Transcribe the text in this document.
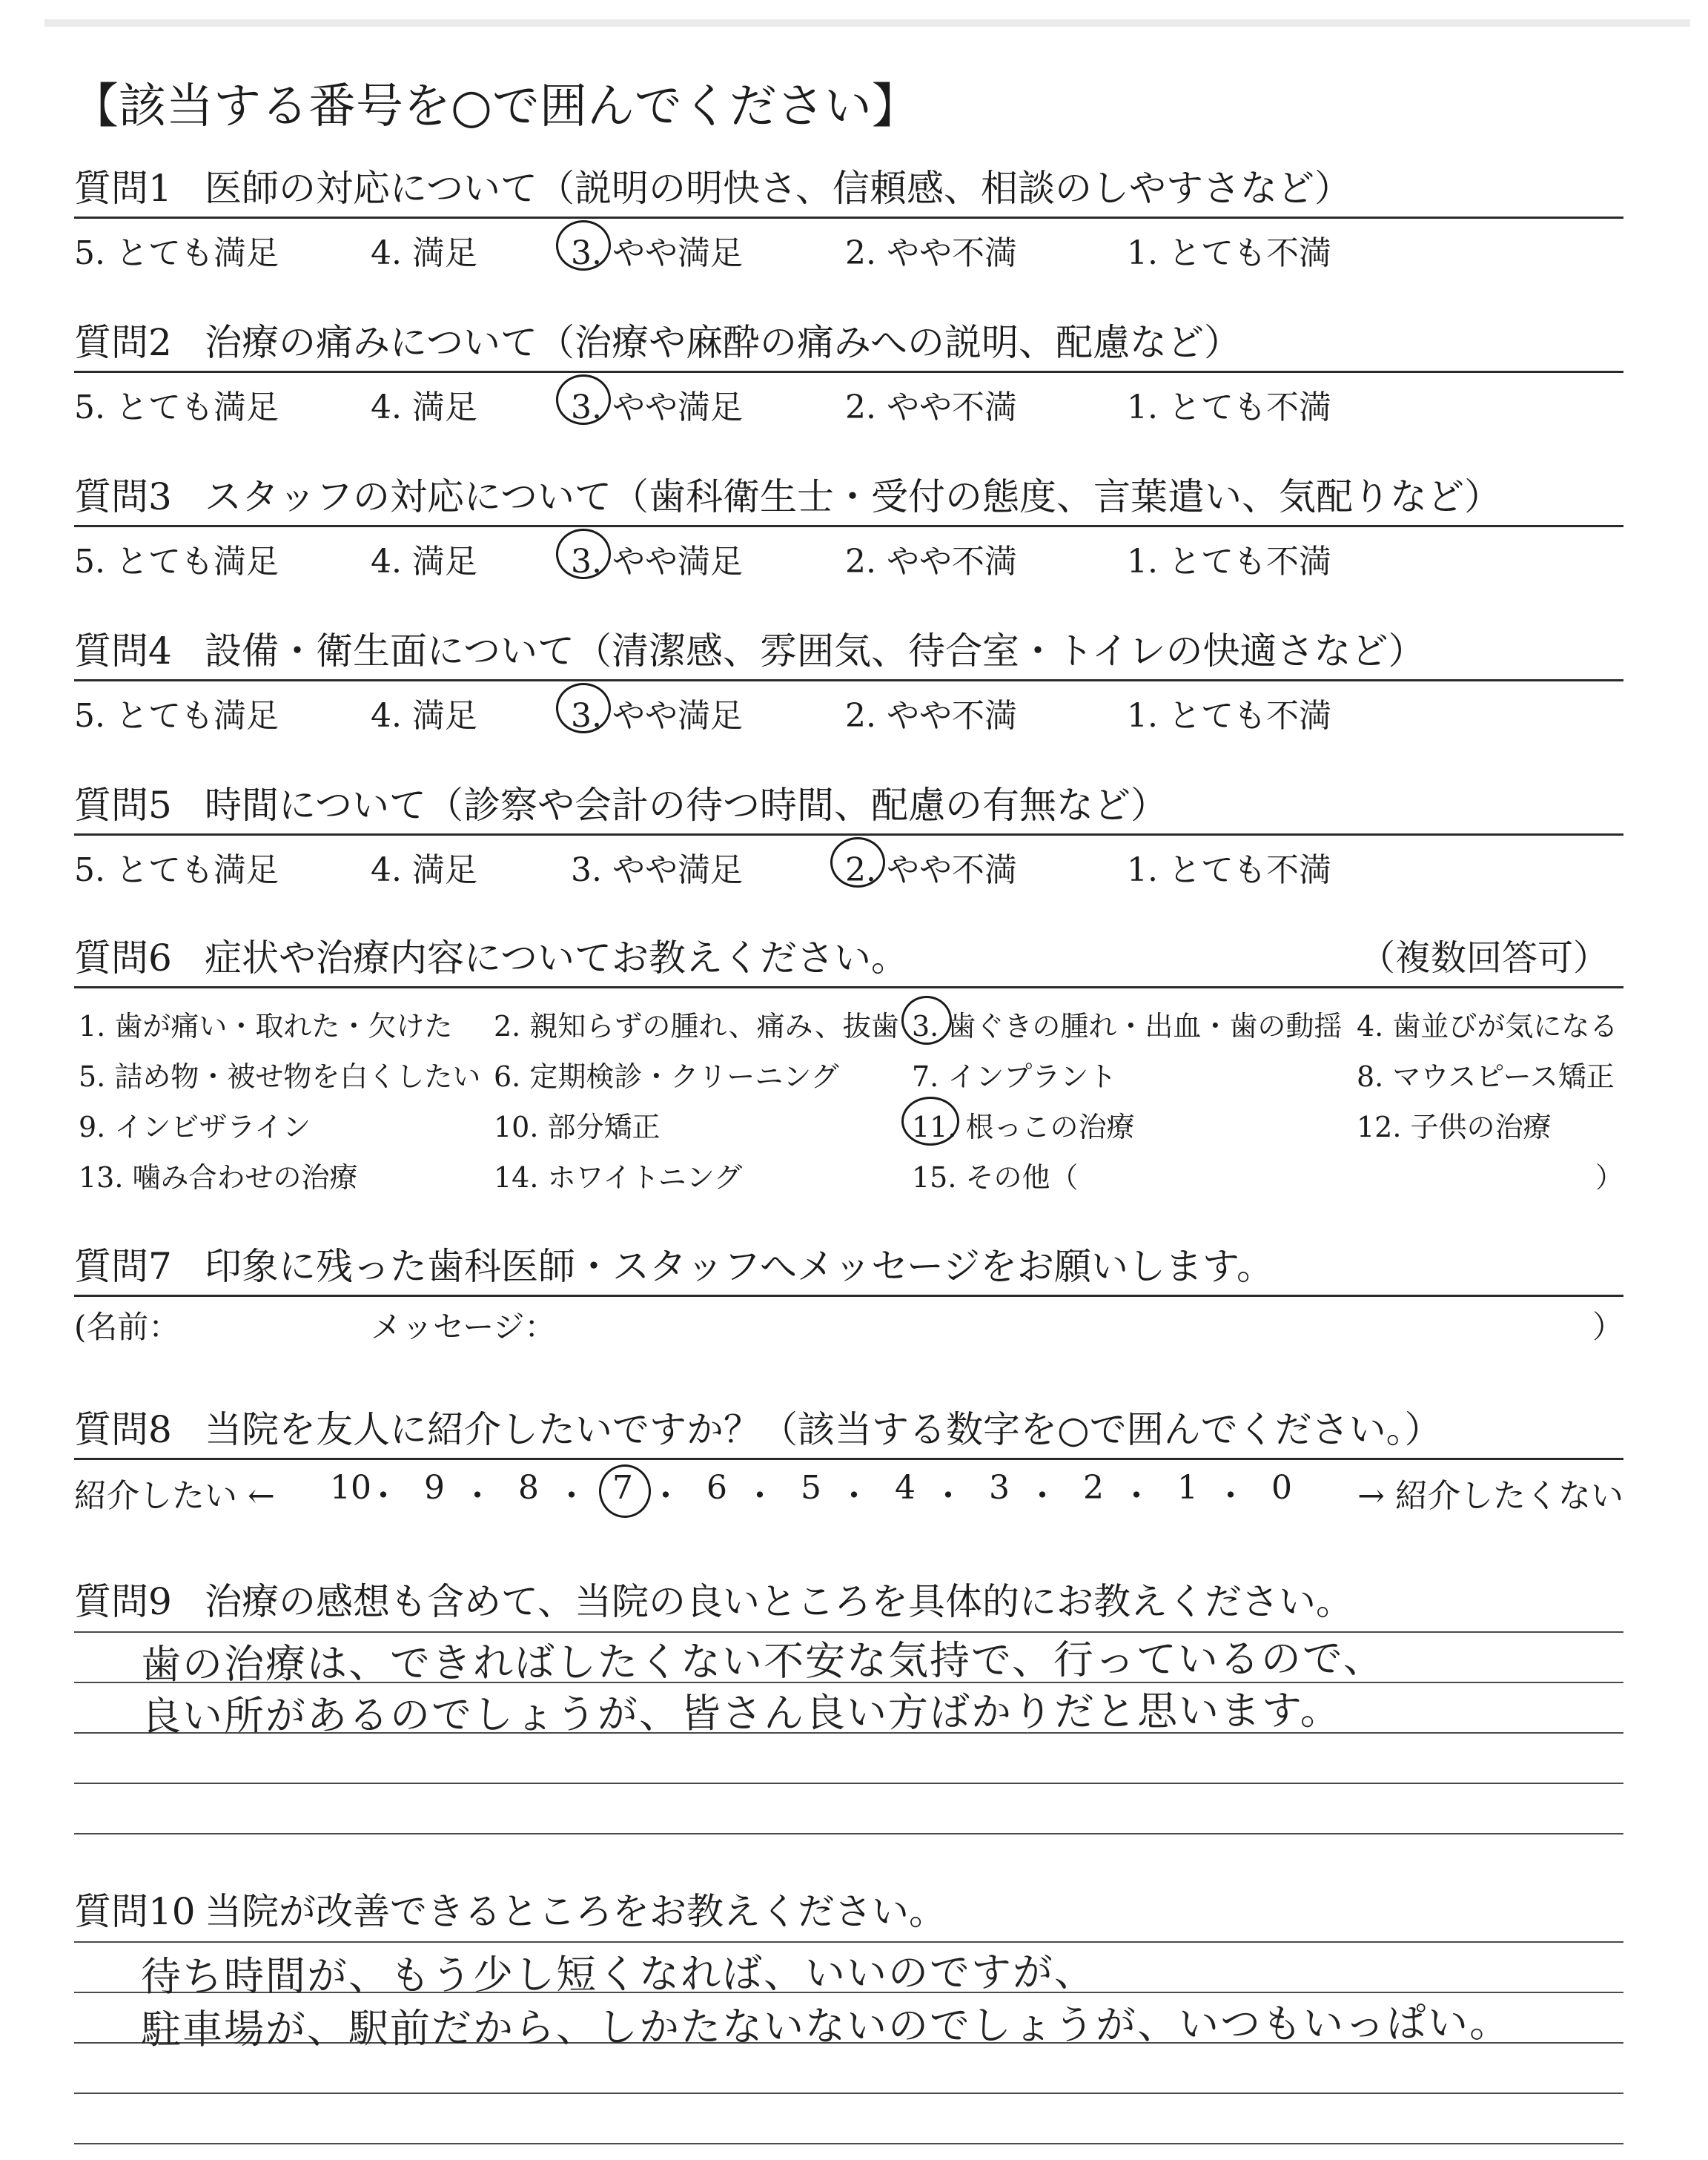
【該当する番号を○で囲んでください】
質問1 医師の対応について（説明の明快さ、信頼感、相談のしやすさなど）
5. とても満足	4. 満足	3. やや満足	2. やや不満	1. とても不満
質問2 治療の痛みについて（治療や麻酔の痛みへの説明、配慮など）
5. とても満足	4. 満足	3. やや満足	2. やや不満	1. とても不満
質問3 スタッフの対応について（歯科衛生士・受付の態度、言葉遣い、気配りなど）
5. とても満足	4. 満足	3. やや満足	2. やや不満	1. とても不満
質問4 設備・衛生面について（清潔感、雰囲気、待合室・トイレの快適さなど）
5. とても満足	4. 満足	3. やや満足	2. やや不満	1. とても不満
質問5 時間について（診察や会計の待つ時間、配慮の有無など）
5. とても満足	4. 満足	3. やや満足	2. やや不満	1. とても不満
質問6 症状や治療内容についてお教えください。	（複数回答可）
1. 歯が痛い・取れた・欠けた 2. 親知らずの腫れ、痛み、抜歯 3. 歯ぐきの腫れ・出血・歯の動揺 4. 歯並びが気になる
5. 詰め物・被せ物を白くしたい 6. 定期検診・クリーニング	7. インプラント	8. マウスピース矯正
9. インビザライン	10. 部分矯正	11. 根っこの治療	12. 子供の治療
13. 噛み合わせの治療	14. ホワイトニング	15. その他（	）
質問7 印象に残った歯科医師・スタッフへメッセージをお願いします。
(名前：	メッセージ：	）
質問8 当院を友人に紹介したいですか？（該当する数字を○で囲んでください。）
紹介したい ←	→ 紹介したくない
10
・ 9 ・ 8 ・ 7 ・ 6 ・ 5 ・ 4 ・ 3 ・ 2 ・ 1 ・ 0
質問9 治療の感想も含めて、当院の良いところを具体的にお教えください。
歯の治療は、できればしたくない不安な気持で、行っているので、
良い所があるのでしょうが、皆さん良い方ばかりだと思います。
質問10 当院が改善できるところをお教えください。
待ち時間が、もう少し短くなれば、いいのですが、
駐車場が、駅前だから、しかたないないのでしょうが、いつもいっぱい。
